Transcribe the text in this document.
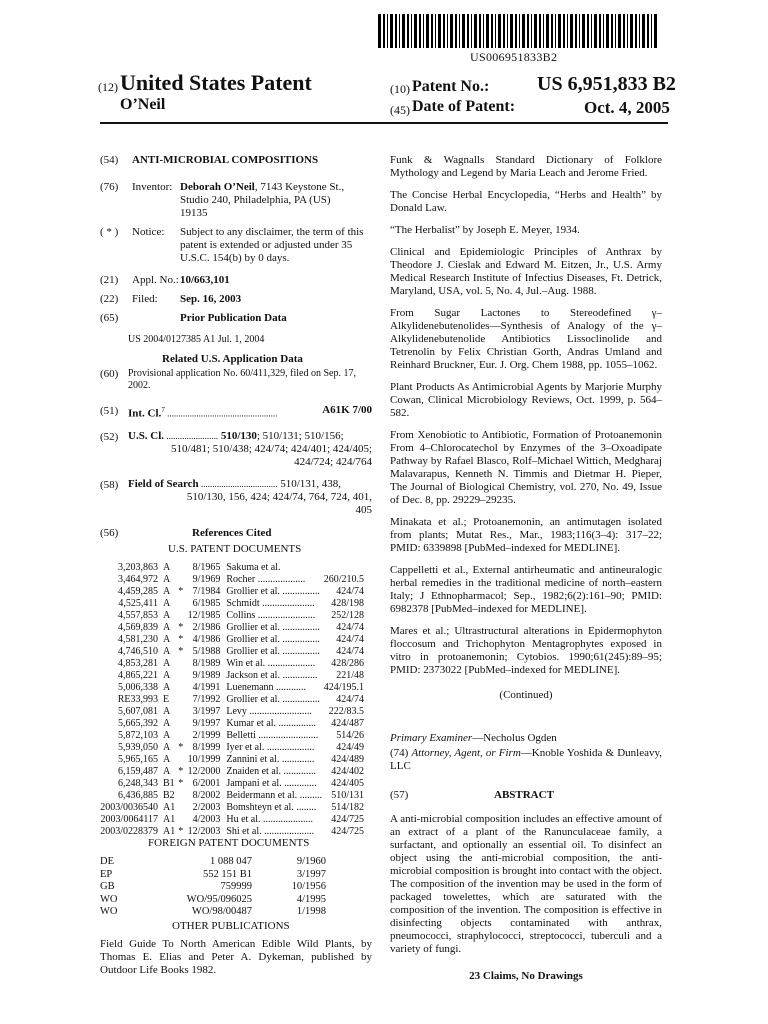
US006951833B2
(12) United States Patent
O’Neil
(10) Patent No.: US 6,951,833 B2
(45) Date of Patent:	Oct. 4, 2005
(54) ANTI-MICROBIAL COMPOSITIONS
(76) Inventor: Deborah O’Neil, 7143 Keystone St.,
Studio 240, Philadelphia, PA (US)
19135
( * ) Notice: Subject to any disclaimer, the term of this
patent is extended or adjusted under 35
U.S.C. 154(b) by 0 days.
(21) Appl. No.: 10/663,101
(22) Filed: Sep. 16, 2003
(65)	Prior Publication Data
US 2004/0127385 A1 Jul. 1, 2004
Related U.S. Application Data
(60) Provisional application No. 60/411,329, filed on Sep. 17,
2002.
(51) Int. Cl.$^7$ .................................................	A61K 7/00
(52) U.S. Cl. ....................... 510/130; 510/131; 510/156;
510/481; 510/438; 424/74; 424/401; 424/405;
424/724; 424/764
(58) Field of Search .................................. 510/131, 438,
510/130, 156, 424; 424/74, 764, 724, 401,
405
(56)	References Cited
U.S. PATENT DOCUMENTS
3,203,863	A		8/1965	Sakuma et al.	
3,464,972	A		9/1969	Rocher ...................	260/210.5
4,459,285	A	*	7/1984	Grollier et al. ...............	424/74
4,525,411	A		6/1985	Schmidt .....................	428/198
4,557,853	A		12/1985	Collins .......................	252/128
4,569,839	A	*	2/1986	Grollier et al. ...............	424/74
4,581,230	A	*	4/1986	Grollier et al. ...............	424/74
4,746,510	A	*	5/1988	Grollier et al. ...............	424/74
4,853,281	A		8/1989	Win et al. ...................	428/286
4,865,221	A		9/1989	Jackson et al. ..............	221/48
5,006,338	A		4/1991	Luenemann ............	424/195.1
RE33,993	E		7/1992	Grollier et al. ...............	424/74
5,607,081	A		3/1997	Levy .........................	222/83.5
5,665,392	A		9/1997	Kumar et al. ...............	424/487
5,872,103	A		2/1999	Belletti ........................	514/26
5,939,050	A	*	8/1999	Iyer et al. ...................	424/49
5,965,165	A		10/1999	Zannini et al. .............	424/489
6,159,487	A	*	12/2000	Znaiden et al. .............	424/402
6,248,343	B1	*	6/2001	Jampani et al. .............	424/405
6,436,885	B2		8/2002	Beidermann et al. .........	510/131
2003/0036540	A1		2/2003	Bomshteyn et al. ........	514/182
2003/0064117	A1		4/2003	Hu et al. ....................	424/725
2003/0228379	A1	*	12/2003	Shi et al. ....................	424/725
FOREIGN PATENT DOCUMENTS
DE	1 088 047	9/1960
EP	552 151 B1	3/1997
GB	759999	10/1956
WO	WO/95/096025	4/1995
WO	WO/98/00487	1/1998
OTHER PUBLICATIONS
Field Guide To North American Edible Wild Plants, by
Thomas E. Elias and Peter A. Dykeman, published by
Outdoor Life Books 1982.

Funk & Wagnalls Standard Dictionary of Folklore Mythology and Legend by Maria Leach and Jerome Fried.

The Concise Herbal Encyclopedia, “Herbs and Health” by Donald Law.

“The Herbalist” by Joseph E. Meyer, 1934.

Clinical and Epidemiologic Principles of Anthrax by Theodore J. Cieslak and Edward M. Eitzen, Jr., U.S. Army Medical Research Institute of Infectius Diseases, Ft. Detrick, Maryland, USA, vol. 5, No. 4, Jul.–Aug. 1988.

From Sugar Lactones to Stereodefined γ–Alkylidenebutenolides—Synthesis of Analogy of the γ–Alkylidenebutenolide Antibiotics Lissoclinolide and Tetrenolin by Felix Christian Gorth, Andras Umland and Reinhard Bruckner, Eur. J. Org. Chem 1988, pp. 1055–1062.

Plant Products As Antimicrobial Agents by Marjorie Murphy Cowan, Clinical Microbiology Reviews, Oct. 1999, p. 564–582.

From Xenobiotic to Antibiotic, Formation of Protoanemonin From 4–Chlorocatechol by Enzymes of the 3–Oxoadipate Pathway by Rafael Blasco, Rolf–Michael Wittich, Medgharaj Malavarapus, Kenneth N. Timmis and Dietmar H. Pieper, The Journal of Biological Chemistry, vol. 270, No. 49, Issue of Dec. 8, pp. 29229–29235.

Minakata et al.; Protoanemonin, an antimutagen isolated from plants; Mutat Res., Mar., 1983;116(3–4): 317–22; PMID: 6339898 [PubMed–indexed for MEDLINE].

Cappelletti et al., External antirheumatic and antineuralogic herbal remedies in the traditional medicine of north–eastern Italy; J Ethnopharmacol; Sep., 1982;6(2):161–90; PMID: 6982378 [PubMed–indexed for MEDLINE].

Mares et al.; Ultrastructural alterations in Epidermophyton floccosum and Trichophyton Mentagrophytes exposed in vitro in protoanemonin; Cytobios. 1990;61(245):89–95; PMID: 2373022 [PubMed–indexed for MEDLINE].

(Continued)
Primary Examiner—Necholus Ogden
(74) Attorney, Agent, or Firm—Knoble Yoshida & Dunleavy, LLC
(57)	ABSTRACT

A anti-microbial composition includes an effective amount of an extract of a plant of the Ranunculaceae family, a surfactant, and optionally an essential oil. To disinfect an object using the anti-microbial composition, the anti-microbial composition is brought into contact with the object. The composition of the invention may be used in the form of packaged towelettes, which are saturated with the composition of the invention. The composition is effective in disinfecting objects contaminated with anthrax, pneumococci, straphylococci, streptococci, tuberculi and a variety of fungi.

23 Claims, No Drawings
